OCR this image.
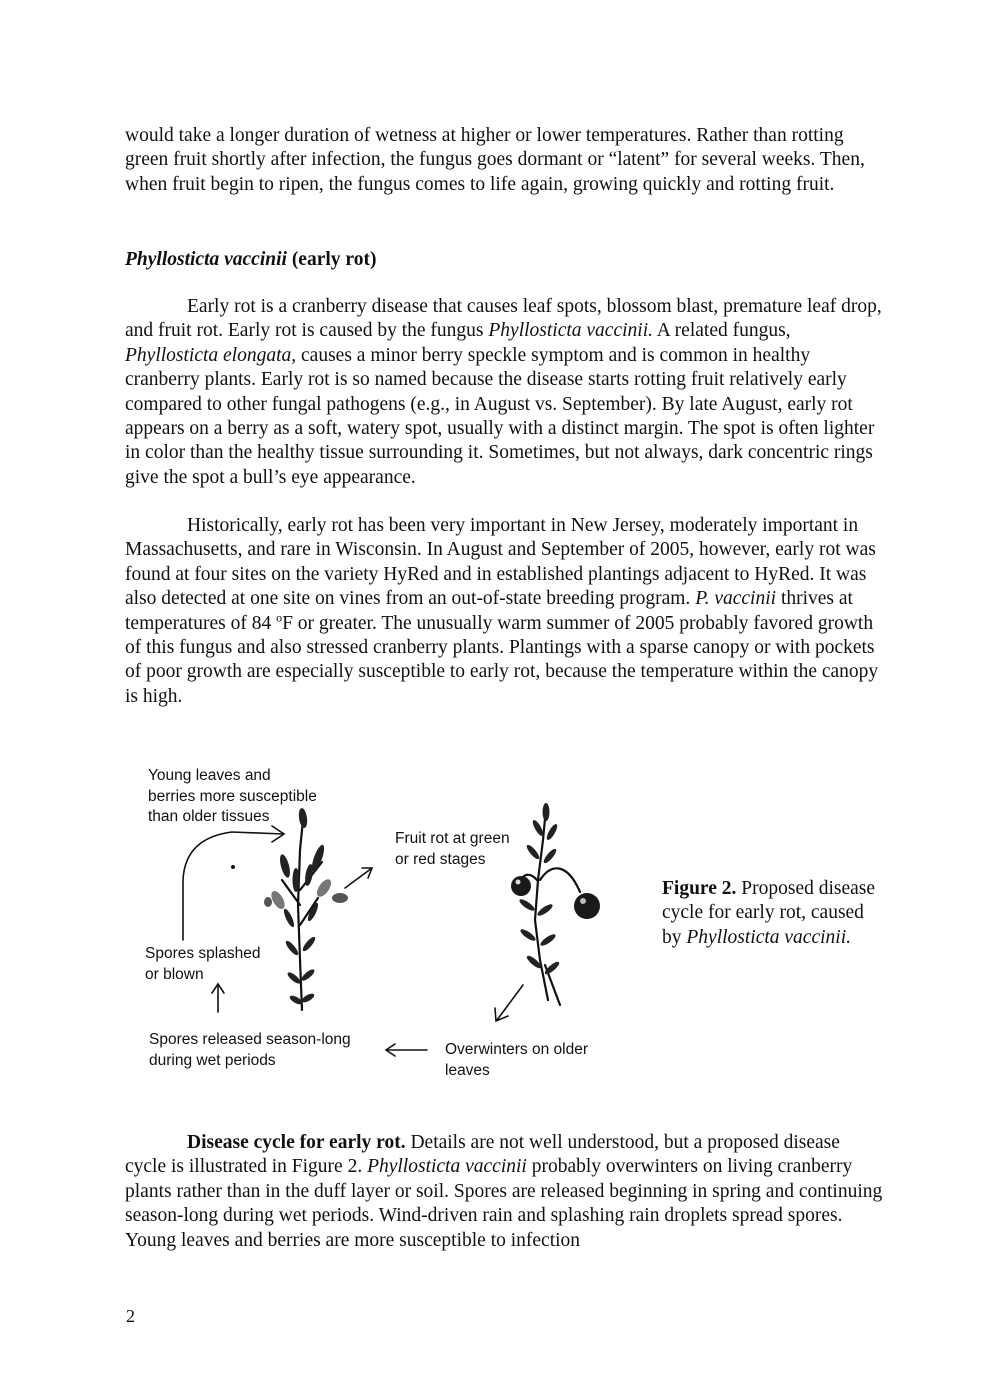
would take a longer duration of wetness at higher or lower temperatures. Rather than rotting green fruit shortly after infection, the fungus goes dormant or “latent” for several weeks. Then, when fruit begin to ripen, the fungus comes to life again, growing quickly and rotting fruit.

Phyllosticta vaccinii (early rot)

Early rot is a cranberry disease that causes leaf spots, blossom blast, premature leaf drop, and fruit rot. Early rot is caused by the fungus Phyllosticta vaccinii. A related fungus, Phyllosticta elongata, causes a minor berry speckle symptom and is common in healthy cranberry plants. Early rot is so named because the disease starts rotting fruit relatively early compared to other fungal pathogens (e.g., in August vs. September). By late August, early rot appears on a berry as a soft, watery spot, usually with a distinct margin. The spot is often lighter in color than the healthy tissue surrounding it. Sometimes, but not always, dark concentric rings give the spot a bull’s eye appearance.

Historically, early rot has been very important in New Jersey, moderately important in Massachusetts, and rare in Wisconsin. In August and September of 2005, however, early rot was found at four sites on the variety HyRed and in established plantings adjacent to HyRed. It was also detected at one site on vines from an out-of-state breeding program. P. vaccinii thrives at temperatures of 84 $^o$F or greater. The unusually warm summer of 2005 probably favored growth of this fungus and also stressed cranberry plants. Plantings with a sparse canopy or with pockets of poor growth are especially susceptible to early rot, because the temperature within the canopy is high.

Young leaves and
berries more susceptible
than older tissues

Fruit rot at green
or red stages

Spores splashed
or blown

Spores released season-long
during wet periods

Overwinters on older
leaves

Figure 2. Proposed disease cycle for early rot, caused by Phyllosticta vaccinii.

Disease cycle for early rot. Details are not well understood, but a proposed disease cycle is illustrated in Figure 2. Phyllosticta vaccinii probably overwinters on living cranberry plants rather than in the duff layer or soil. Spores are released beginning in spring and continuing season-long during wet periods. Wind-driven rain and splashing rain droplets spread spores. Young leaves and berries are more susceptible to infection

2
